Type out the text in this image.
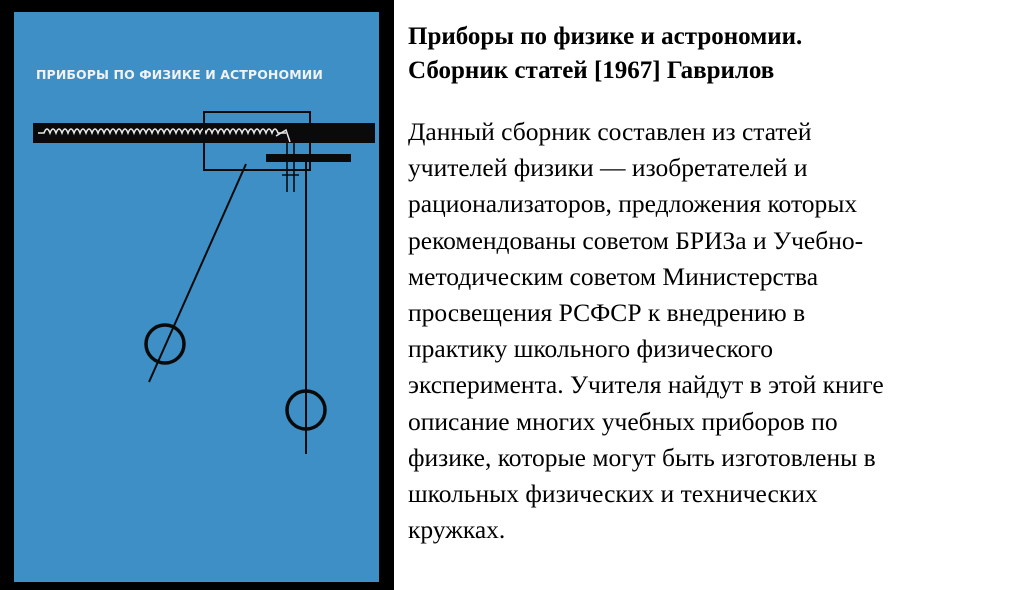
ПРИБОРЫ ПО ФИЗИКЕ И АСТРОНОМИИ

Приборы по физике и астрономии.
Сборник статей [1967] Гаврилов

Данный сборник составлен из статей
учителей физики — изобретателей и
рационализаторов, предложения которых
рекомендованы советом БРИЗа и Учебно-
методическим советом Министерства
просвещения РСФСР к внедрению в
практику школьного физического
эксперимента. Учителя найдут в этой книге
описание многих учебных приборов по
физике, которые могут быть изготовлены в
школьных физических и технических
кружках.
